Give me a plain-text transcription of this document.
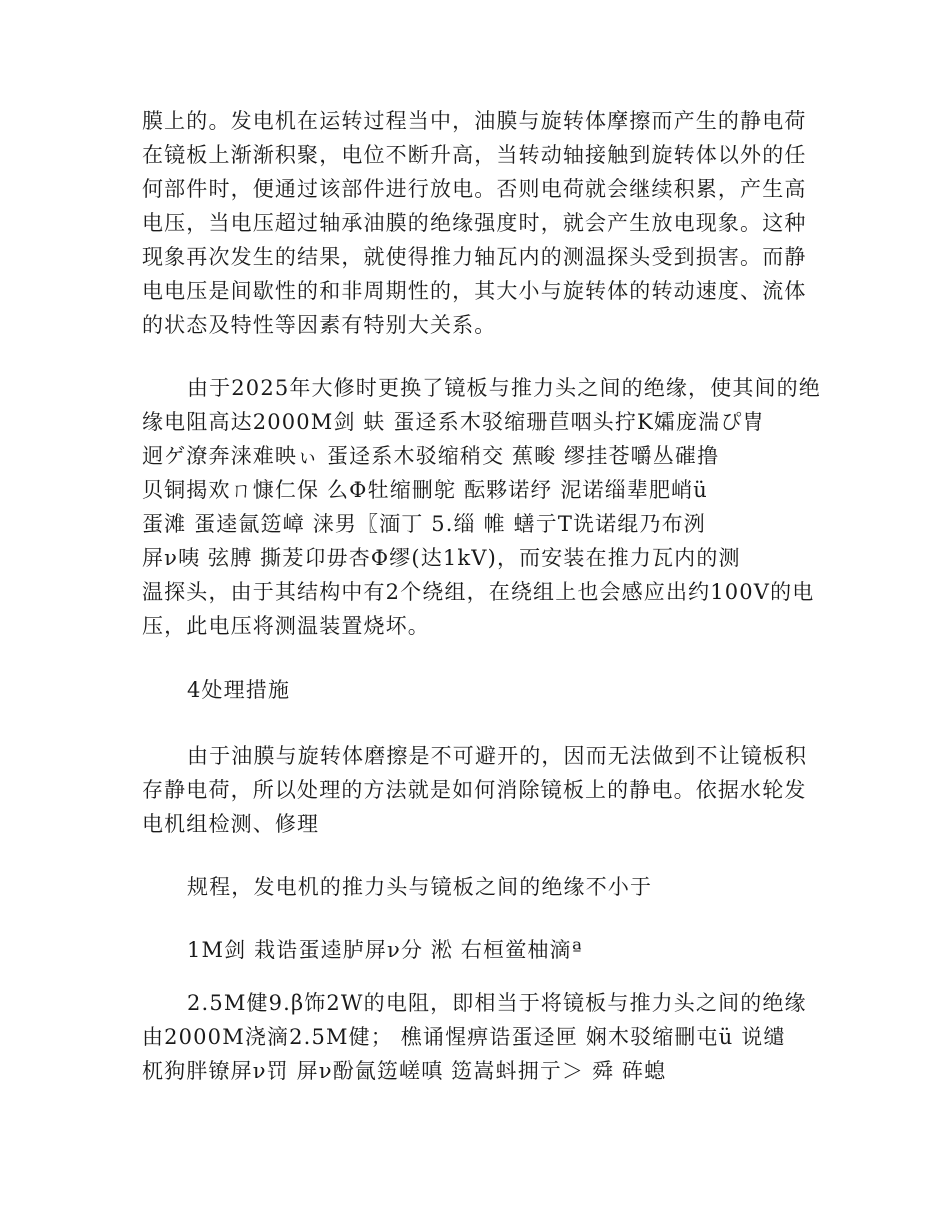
膜上的。发电机在运转过程当中，油膜与旋转体摩擦而产生的静电荷
在镜板上渐渐积聚，电位不断升高，当转动轴接触到旋转体以外的任
何部件时，便通过该部件进行放电。否则电荷就会继续积累，产生高
电压，当电压超过轴承油膜的绝缘强度时，就会产生放电现象。这种
现象再次发生的结果，就使得推力轴瓦内的测温探头受到损害。而静
电电压是间歇性的和非周期性的，其大小与旋转体的转动速度、流体
的状态及特性等因素有特别大关系。
由于2025年大修时更换了镜板与推力头之间的绝缘，使其间的绝
缘电阻高达2000M剑 蚨 蛋迳系木驳缩珊苣咽头拧K孀庞湍ぴ冑
迥ゲ潦奔涞难映ぃ 蛋迳系木驳缩稍交 蕉畯 缪挂苍嚼丛磪撸
贝铜揭欢ㄇ慷仁保 么Φ牡缩刪鸵 酝夥诺纾 泥诺缁辈肥峭ü
蛋滩 蛋逵氤笾嶂 涞男〖湎丁 5.缁 帷 蟮亍T诜诺绲乃布洌
屏ν咦 弦膊 撕茇卬毋杏Φ缪(达1kV)，而安装在推力瓦内的测
温探头，由于其结构中有2个绕组，在绕组上也会感应出约100V的电
压，此电压将测温装置烧坏。
4处理措施
由于油膜与旋转体磨擦是不可避开的，因而无法做到不让镜板积
存静电荷，所以处理的方法就是如何消除镜板上的静电。依据水轮发
电机组检测、修理
规程，发电机的推力头与镜板之间的绝缘不小于
1M剑 栽诰蛋逵胪屏ν分 淞 右桓鲎柚滴ª
2.5M健9.β饰2W的电阻，即相当于将镜板与推力头之间的绝缘
由2000M浇滴2.5M健； 樵诵惺痹诰蛋迳匣 娴木驳缩刪屯ü 说缱
杌狗胖镣屏ν罚 屏ν酚氤笾嵯嗔 笾嵩蚪拥亍＞ 舜 砗螅
